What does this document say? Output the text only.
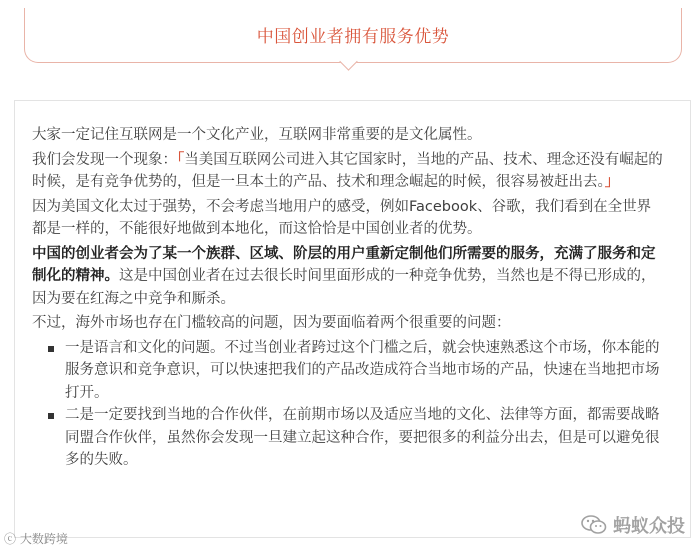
中国创业者拥有服务优势

大家一定记住互联网是一个文化产业，互联网非常重要的是文化属性。

我们会发现一个现象：「当美国互联网公司进入其它国家时，当地的产品、技术、理念还没有崛起的时候，是有竞争优势的，但是一旦本土的产品、技术和理念崛起的时候，很容易被赶出去。」

因为美国文化太过于强势，不会考虑当地用户的感受，例如Facebook、谷歌，我们看到在全世界都是一样的，不能很好地做到本地化，而这恰恰是中国创业者的优势。

中国的创业者会为了某一个族群、区域、阶层的用户重新定制他们所需要的服务，充满了服务和定制化的精神。这是中国创业者在过去很长时间里面形成的一种竞争优势，当然也是不得已形成的，因为要在红海之中竞争和厮杀。

不过，海外市场也存在门槛较高的问题，因为要面临着两个很重要的问题：

一是语言和文化的问题。不过当创业者跨过这个门槛之后，就会快速熟悉这个市场，你本能的服务意识和竞争意识，可以快速把我们的产品改造成符合当地市场的产品，快速在当地把市场打开。
二是一定要找到当地的合作伙伴，在前期市场以及适应当地的文化、法律等方面，都需要战略同盟合作伙伴，虽然你会发现一旦建立起这种合作，要把很多的利益分出去，但是可以避免很多的失败。
ⓒ 大数跨境
蚂蚁众投
